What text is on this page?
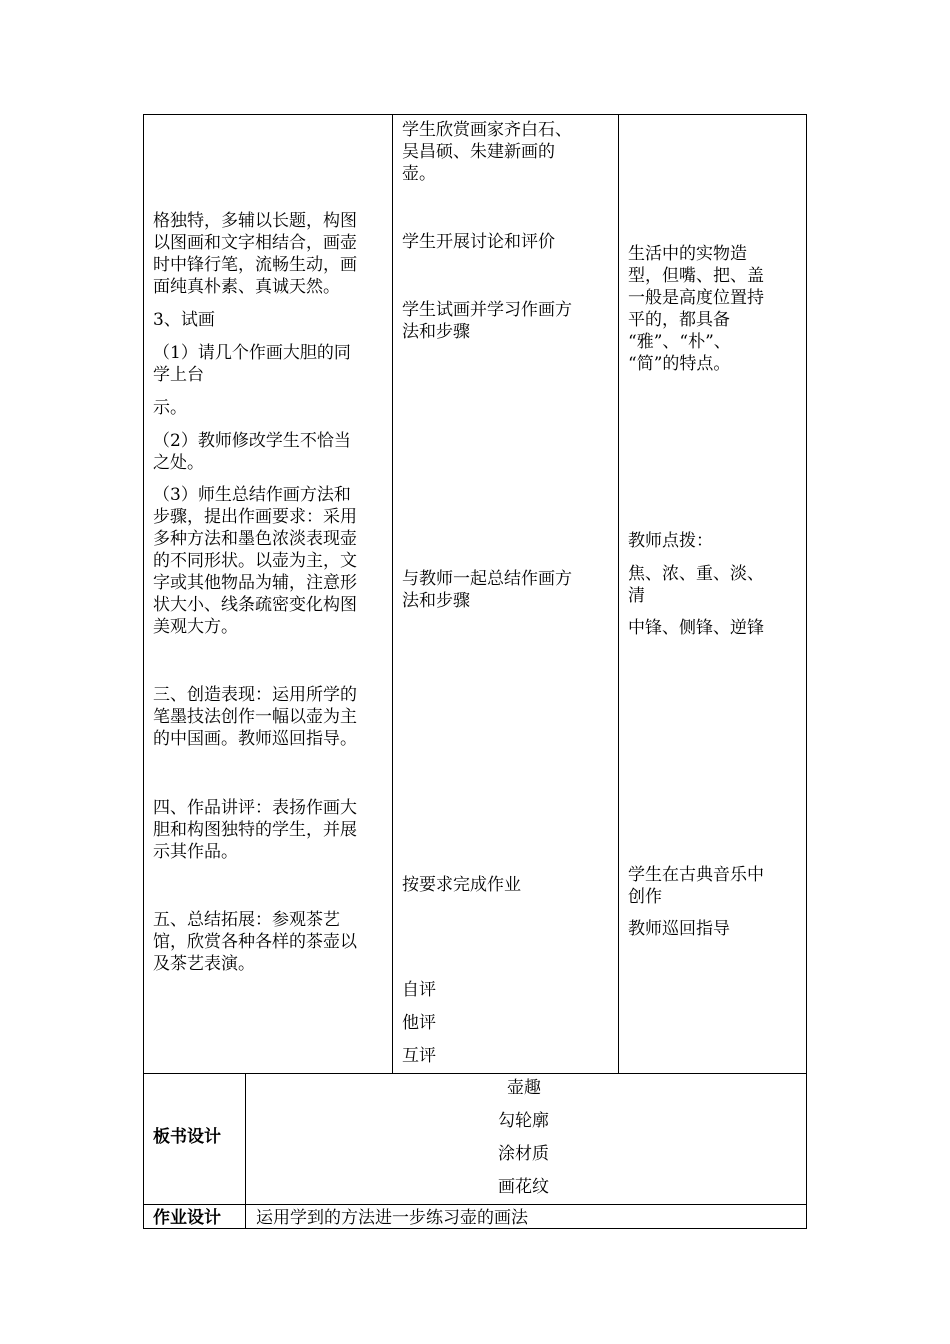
格独特，多辅以长题，构图
以图画和文字相结合，画壶
时中锋行笔，流畅生动，画
面纯真朴素、真诚天然。
3、试画
（1）请几个作画大胆的同
学上台
示。
（2）教师修改学生不恰当
之处。
（3）师生总结作画方法和
步骤，提出作画要求：采用
多种方法和墨色浓淡表现壶
的不同形状。以壶为主，文
字或其他物品为辅，注意形
状大小、线条疏密变化构图
美观大方。
三、创造表现：运用所学的
笔墨技法创作一幅以壶为主
的中国画。教师巡回指导。
四、作品讲评：表扬作画大
胆和构图独特的学生，并展
示其作品。
五、总结拓展：参观茶艺
馆，欣赏各种各样的茶壶以
及茶艺表演。
学生欣赏画家齐白石、
吴昌硕、朱建新画的
壶。
学生开展讨论和评价
学生试画并学习作画方
法和步骤
与教师一起总结作画方
法和步骤
按要求完成作业
自评
他评
互评
生活中的实物造
型，但嘴、把、盖
一般是高度位置持
平的，都具备
“雅”、“朴”、
“简”的特点。
教师点拨：
焦、浓、重、淡、
清
中锋、侧锋、逆锋
学生在古典音乐中
创作
教师巡回指导
板书设计
壶趣
勾轮廓
涂材质
画花纹
作业设计 运用学到的方法进一步练习壶的画法
